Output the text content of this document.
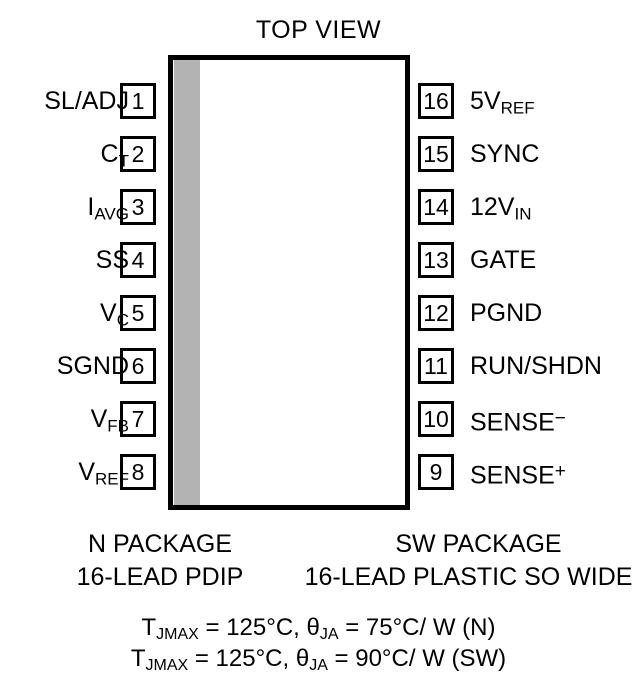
TOP VIEW
N PACKAGE
16-LEAD PDIP
SW PACKAGE
16-LEAD PLASTIC SO WIDE
$T_{JMAX} = 125^\circ C$, $\theta_{JA} = 75^\circ C/$ W (N)
$T_{JMAX} = 125^\circ C$, $\theta_{JA} = 90^\circ C/$ W (SW)
1
SL/ADJ
2
$C_T$
3
$I_{AVG}$
4
SS
5
$V_C$
6
SGND
7
$V_{FB}$
8
$V_{REF}$
16 $5V_{REF}$
15 SYNC
14 $12V_{IN}$
13 GATE
12 PGND
11 RUN/SHDN
10 SENSE−
9	SENSE+
